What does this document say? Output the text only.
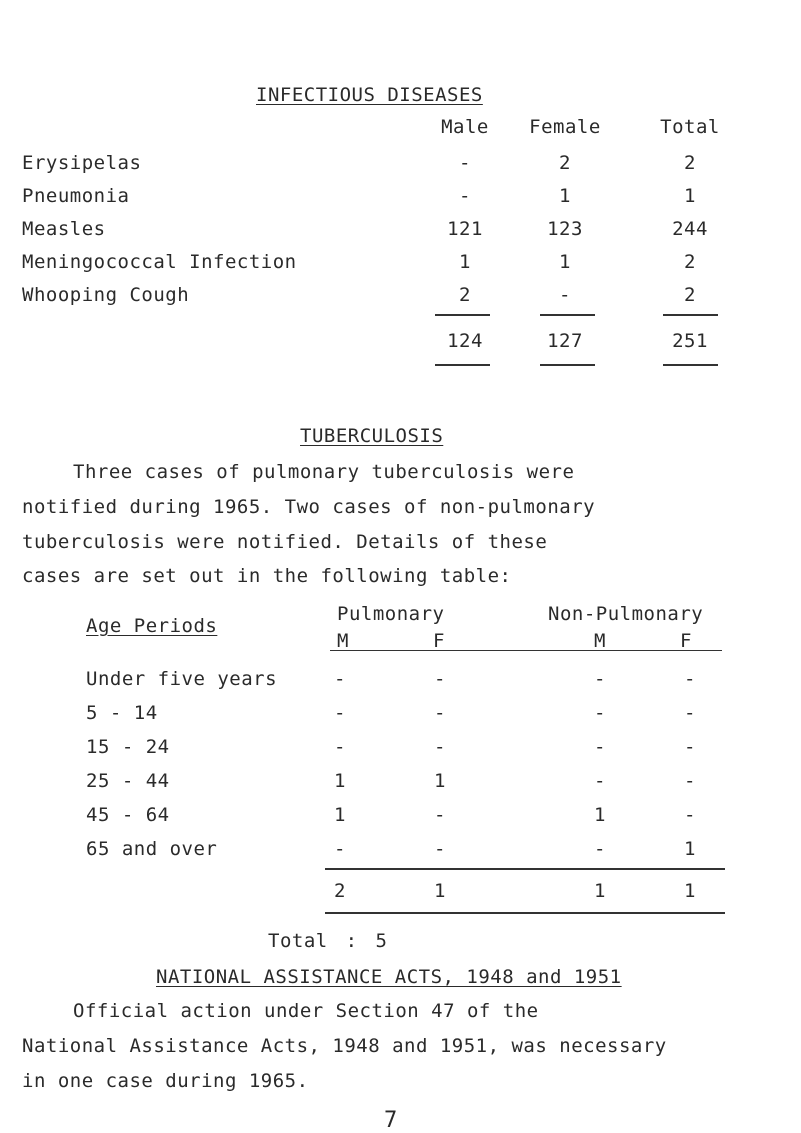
INFECTIOUS DISEASES
Male	Female	Total
Erysipelas	-	2	2
Pneumonia	-	1	1
Measles	121	123	244
Meningococcal Infection	1	1	2
Whooping Cough	2	-	2
124	127	251
TUBERCULOSIS
Three cases of pulmonary tuberculosis were
notified during 1965. Two cases of non-pulmonary
tuberculosis were notified. Details of these
cases are set out in the following table:
Age Periods
Pulmonary	Non-Pulmonary
M	F	M	F
Under five years	-	-	-	-
5 - 14	-	-	-	-
15 - 24	-	-	-	-
25 - 44	1	1	-	-
45 - 64	1	-	1	-
65 and over	-	-	-	1
2	1	1	1
Total : 5
NATIONAL ASSISTANCE ACTS, 1948 and 1951
Official action under Section 47 of the
National Assistance Acts, 1948 and 1951, was necessary
in one case during 1965.
7
